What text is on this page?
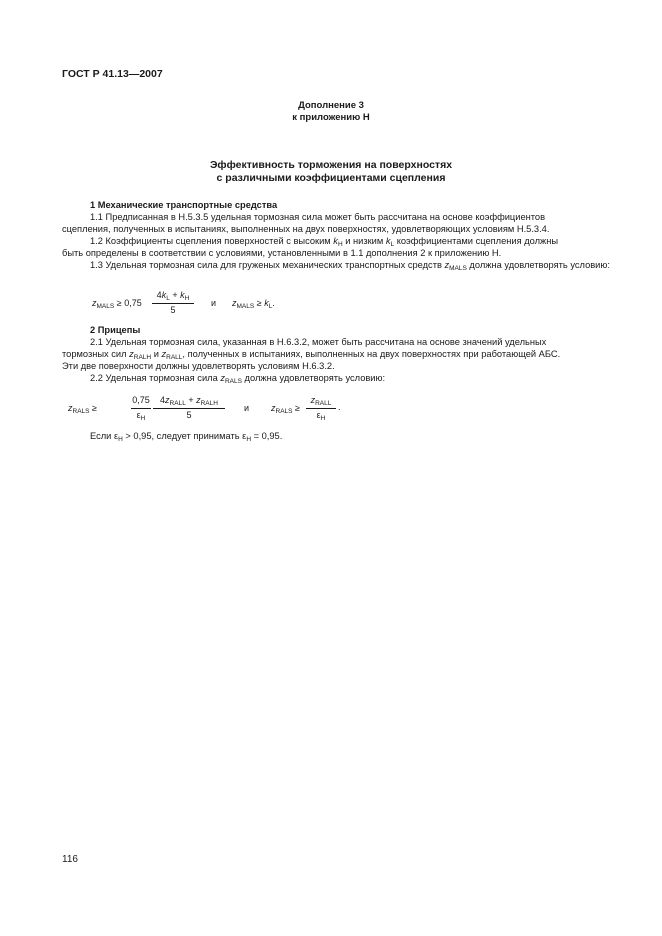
ГОСТ Р 41.13—2007
Дополнение 3
к приложению Н
Эффективность торможения на поверхностях
с различными коэффициентами сцепления
1 Механические транспортные средства
1.1 Предписанная в Н.5.3.5 удельная тормозная сила может быть рассчитана на основе коэффициентов
сцепления, полученных в испытаниях, выполненных на двух поверхностях, удовлетворяющих условиям Н.5.3.4.
1.2 Коэффициенты сцепления поверхностей с высоким $k_H$ и низким $k_L$ коэффициентами сцепления должны
быть определены в соответствии с условиями, установленными в 1.1 дополнения 2 к приложению Н.
1.3 Удельная тормозная сила для груженых механических транспортных средств $z_{MALS}$ должна удовлетворять условию:
$z_{MALS} \ge 0,75$
$4k_L + k_H$
5
и $z_{MALS} \ge k_L$.
2 Прицепы
2.1 Удельная тормозная сила, указанная в Н.6.3.2, может быть рассчитана на основе значений удельных
тормозных сил $z_{RALH}$ и $z_{RALL}$, полученных в испытаниях, выполненных на двух поверхностях при работающей АБС.
Эти две поверхности должны удовлетворять условиям Н.6.3.2.
2.2 Удельная тормозная сила $z_{RALS}$ должна удовлетворять условию:
$z_{RALS}$ ≥
0,75
$\varepsilon_H$
$4z_{RALL} + z_{RALH}$
5
и $z_{RALS}$ ≥
$z_{RALL}$
$\varepsilon_H$
.
Если $\varepsilon_H > 0,95$, следует принимать $\varepsilon_H = 0,95$.
116
